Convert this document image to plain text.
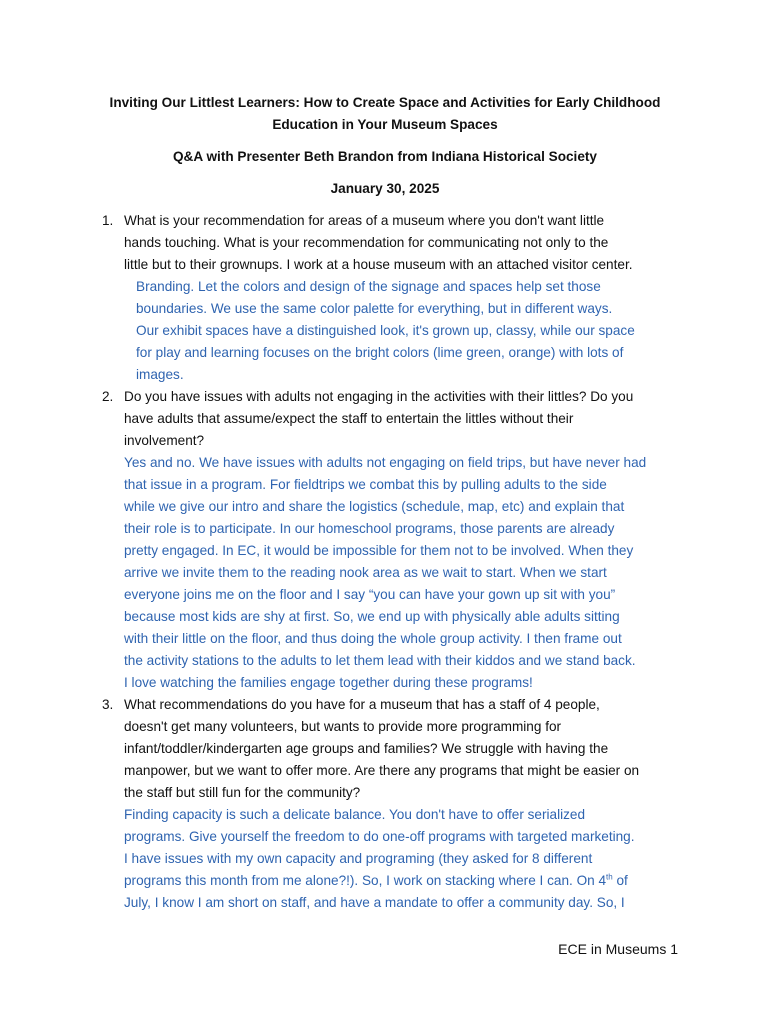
Inviting Our Littlest Learners: How to Create Space and Activities for Early Childhood
Education in Your Museum Spaces
Q&A with Presenter Beth Brandon from Indiana Historical Society
January 30, 2025
1. What is your recommendation for areas of a museum where you don't want little
hands touching. What is your recommendation for communicating not only to the
little but to their grownups. I work at a house museum with an attached visitor center.
Branding. Let the colors and design of the signage and spaces help set those
boundaries. We use the same color palette for everything, but in different ways.
Our exhibit spaces have a distinguished look, it's grown up, classy, while our space
for play and learning focuses on the bright colors (lime green, orange) with lots of
images.
2. Do you have issues with adults not engaging in the activities with their littles? Do you
have adults that assume/expect the staff to entertain the littles without their
involvement?
Yes and no. We have issues with adults not engaging on field trips, but have never had
that issue in a program. For fieldtrips we combat this by pulling adults to the side
while we give our intro and share the logistics (schedule, map, etc) and explain that
their role is to participate. In our homeschool programs, those parents are already
pretty engaged. In EC, it would be impossible for them not to be involved. When they
arrive we invite them to the reading nook area as we wait to start. When we start
everyone joins me on the floor and I say “you can have your gown up sit with you”
because most kids are shy at first. So, we end up with physically able adults sitting
with their little on the floor, and thus doing the whole group activity. I then frame out
the activity stations to the adults to let them lead with their kiddos and we stand back.
I love watching the families engage together during these programs!
3. What recommendations do you have for a museum that has a staff of 4 people,
doesn't get many volunteers, but wants to provide more programming for
infant/toddler/kindergarten age groups and families? We struggle with having the
manpower, but we want to offer more. Are there any programs that might be easier on
the staff but still fun for the community?
Finding capacity is such a delicate balance. You don't have to offer serialized
programs. Give yourself the freedom to do one-off programs with targeted marketing.
I have issues with my own capacity and programing (they asked for 8 different
programs this month from me alone?!). So, I work on stacking where I can. On 4th of
July, I know I am short on staff, and have a mandate to offer a community day. So, I
ECE in Museums 1
